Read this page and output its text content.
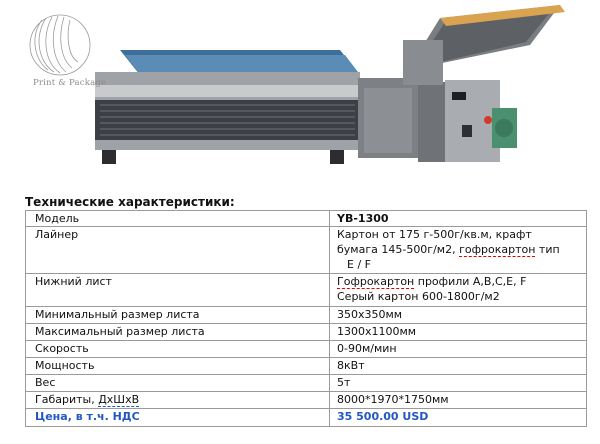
Print & Package
Технические характеристики:
Модель	YB-1300
Лайнер	Картон от 175 г-500г/кв.м, крафт
бумага 145-500г/м2, гофрокартон тип
E / F
Нижний лист	Гофрокартон профили A,B,C,E, F
Серый картон 600-1800г/м2
Минимальный размер листа	350x350мм
Максимальный размер листа	1300x1100мм
Скорость	0-90м/мин
Мощность	8кВт
Вес	5т
Габариты, ДхШхВ	8000*1970*1750мм
Цена, в т.ч. НДС	35 500.00 USD
